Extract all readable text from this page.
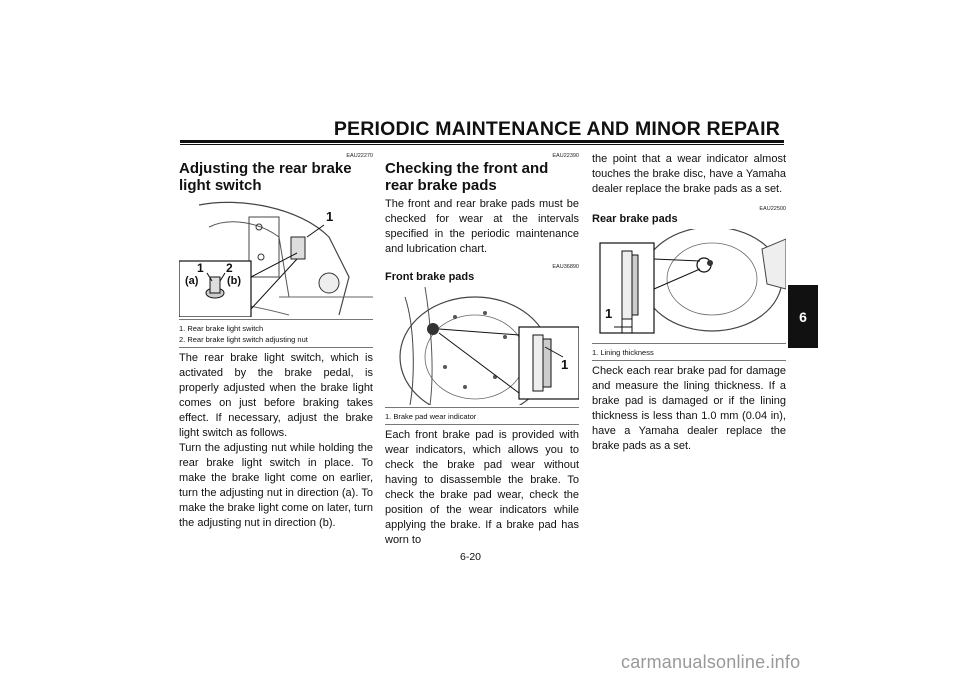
PERIODIC MAINTENANCE AND MINOR REPAIR
EAU22270
Adjusting the rear brake light switch
1
1 2
(a)	(b)

1. Rear brake light switch

2. Rear brake light switch adjusting nut

The rear brake light switch, which is activated by the brake pedal, is properly adjusted when the brake light comes on just before braking takes effect. If necessary, adjust the brake light switch as follows.

Turn the adjusting nut while holding the rear brake light switch in place. To make the brake light come on earlier, turn the adjusting nut in direction (a). To make the brake light come on later, turn the adjusting nut in direction (b).

EAU22390
Checking the front and rear brake pads

The front and rear brake pads must be checked for wear at the intervals specified in the periodic maintenance and lubrication chart.

EAU36890
Front brake pads
1

1. Brake pad wear indicator

Each front brake pad is provided with wear indicators, which allows you to check the brake pad wear without having to disassemble the brake. To check the brake pad wear, check the position of the wear indicators while applying the brake. If a brake pad has worn to

the point that a wear indicator almost touches the brake disc, have a Yamaha dealer replace the brake pads as a set.

EAU22500
Rear brake pads
1

1. Lining thickness

Check each rear brake pad for damage and measure the lining thickness. If a brake pad is damaged or if the lining thickness is less than 1.0 mm (0.04 in), have a Yamaha dealer replace the brake pads as a set.

6
6-20
carmanualsonline.info
